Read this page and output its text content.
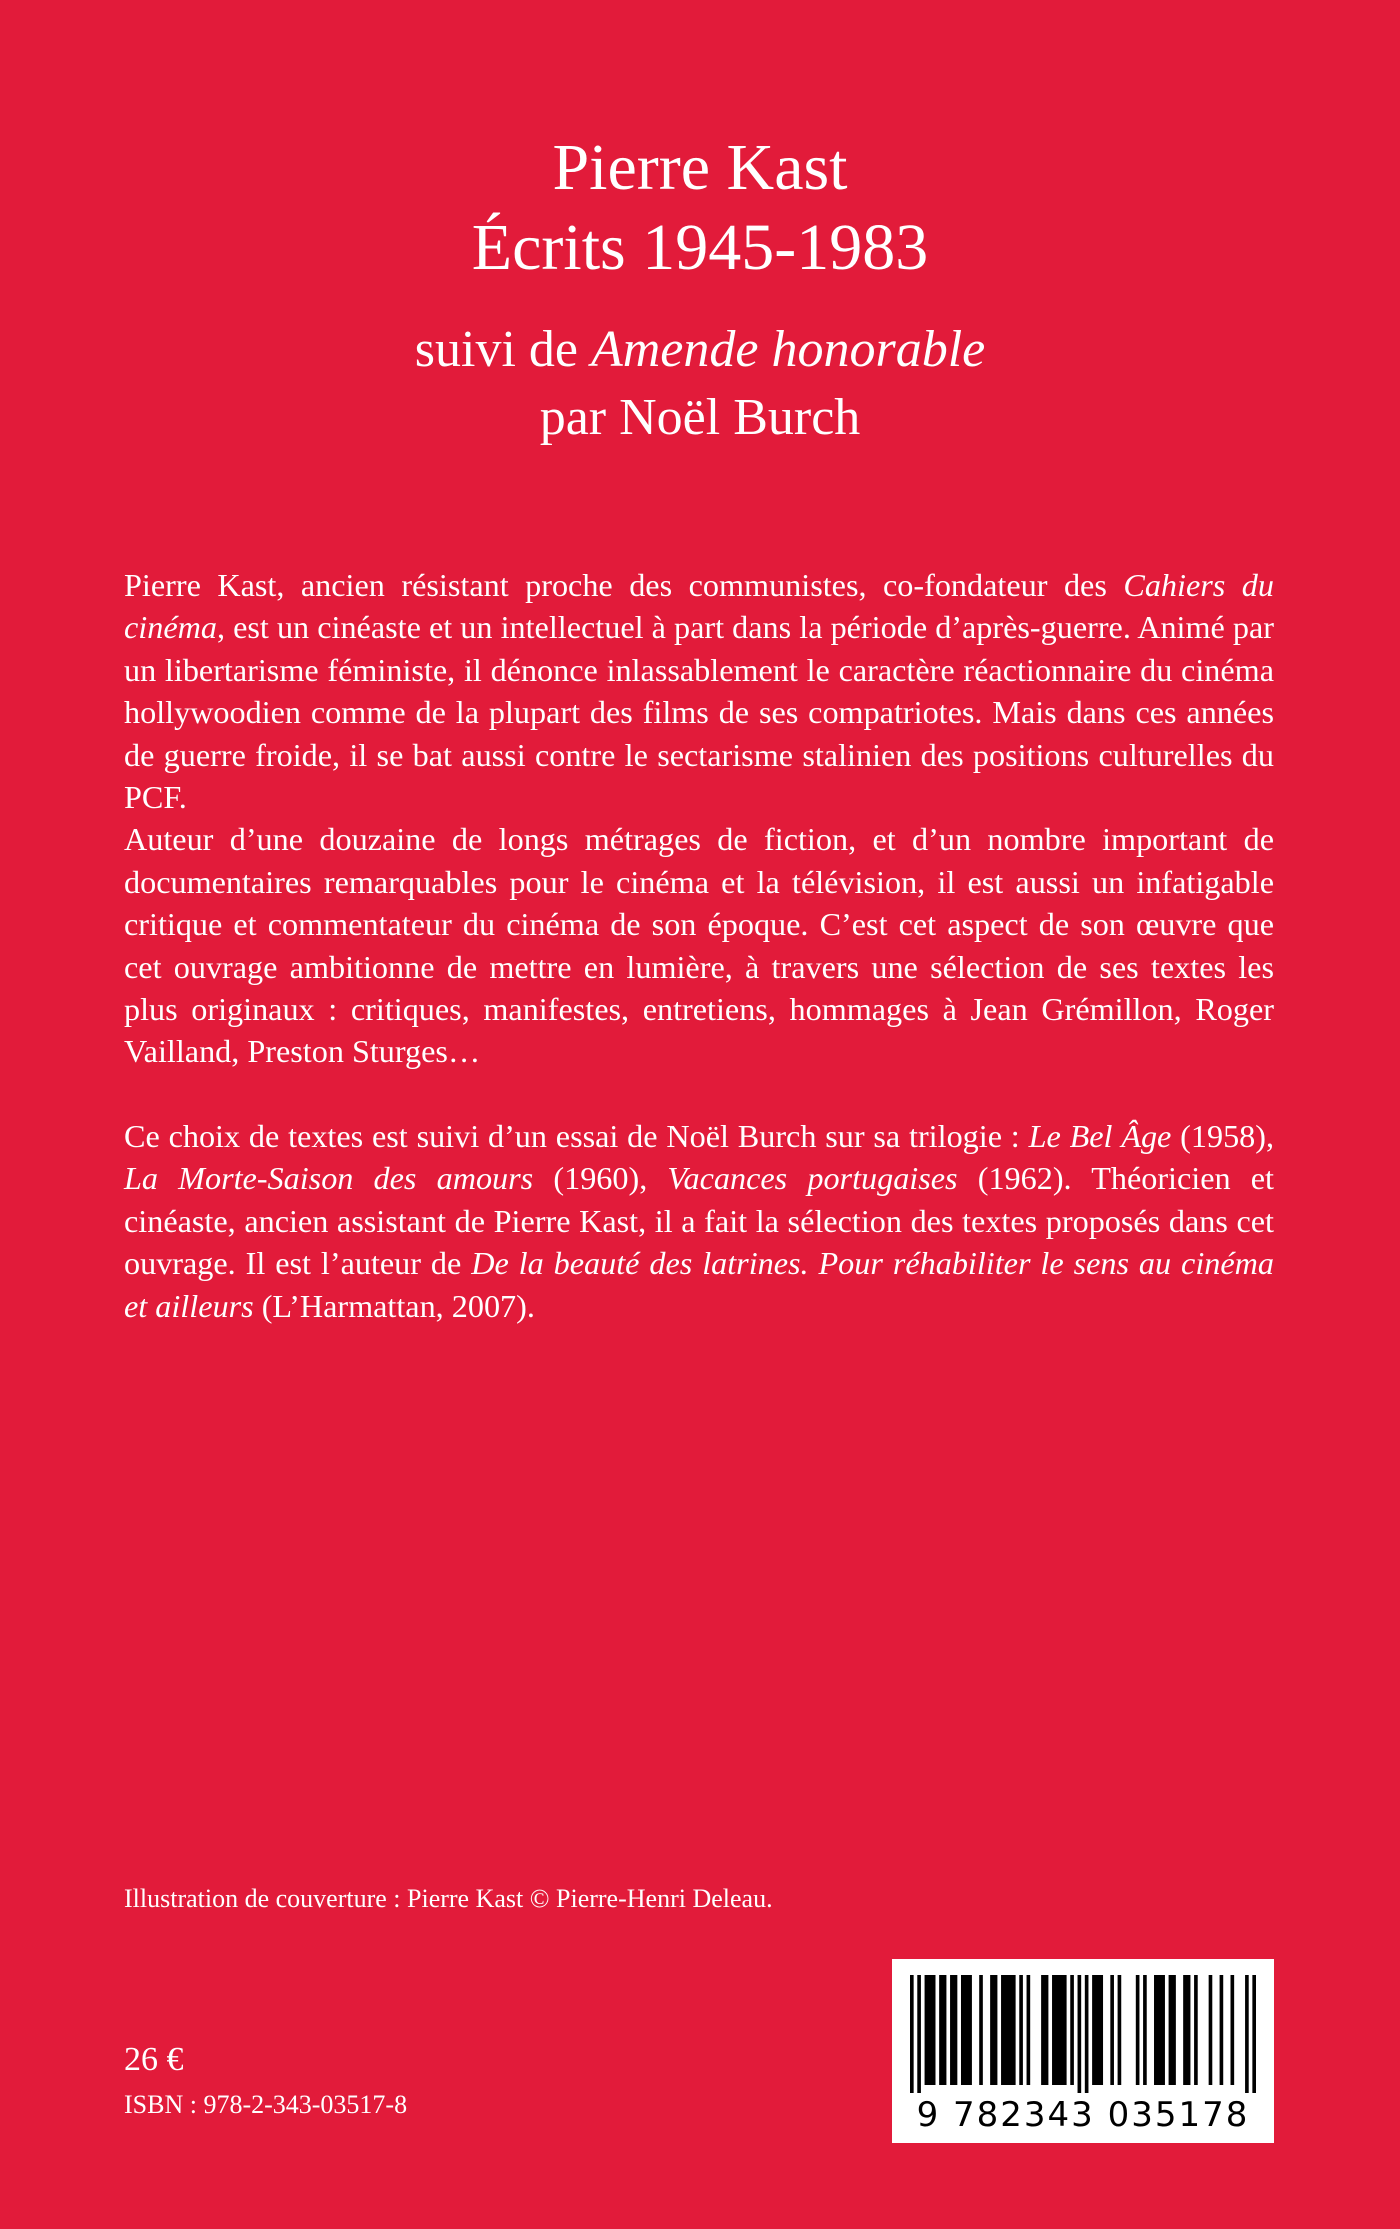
Pierre Kast
Écrits 1945-1983
suivi de Amende honorable
par Noël Burch

Pierre Kast, ancien résistant proche des communistes, co-fondateur des Cahiers du cinéma, est un cinéaste et un intellectuel à part dans la période d’après-guerre. Animé par un libertarisme féministe, il dénonce inlassablement le caractère réactionnaire du cinéma hollywoodien comme de la plupart des films de ses compatriotes. Mais dans ces années de guerre froide, il se bat aussi contre le sectarisme stalinien des positions culturelles du PCF.

Auteur d’une douzaine de longs métrages de fiction, et d’un nombre important de documentaires remarquables pour le cinéma et la télévision, il est aussi un infatigable critique et commentateur du cinéma de son époque. C’est cet aspect de son œuvre que cet ouvrage ambitionne de mettre en lumière, à travers une sélection de ses textes les plus originaux : critiques, manifestes, entretiens, hommages à Jean Grémillon, Roger Vailland, Preston Sturges…

Ce choix de textes est suivi d’un essai de Noël Burch sur sa trilogie : Le Bel Âge (1958), La Morte-Saison des amours (1960), Vacances portugaises (1962). Théoricien et cinéaste, ancien assistant de Pierre Kast, il a fait la sélection des textes proposés dans cet ouvrage. Il est l’auteur de De la beauté des latrines. Pour réhabiliter le sens au cinéma et ailleurs (L’Harmattan, 2007).

Illustration de couverture : Pierre Kast © Pierre-Henri Deleau.
26 €
ISBN : 978-2-343-03517-8	9 782343 035178
